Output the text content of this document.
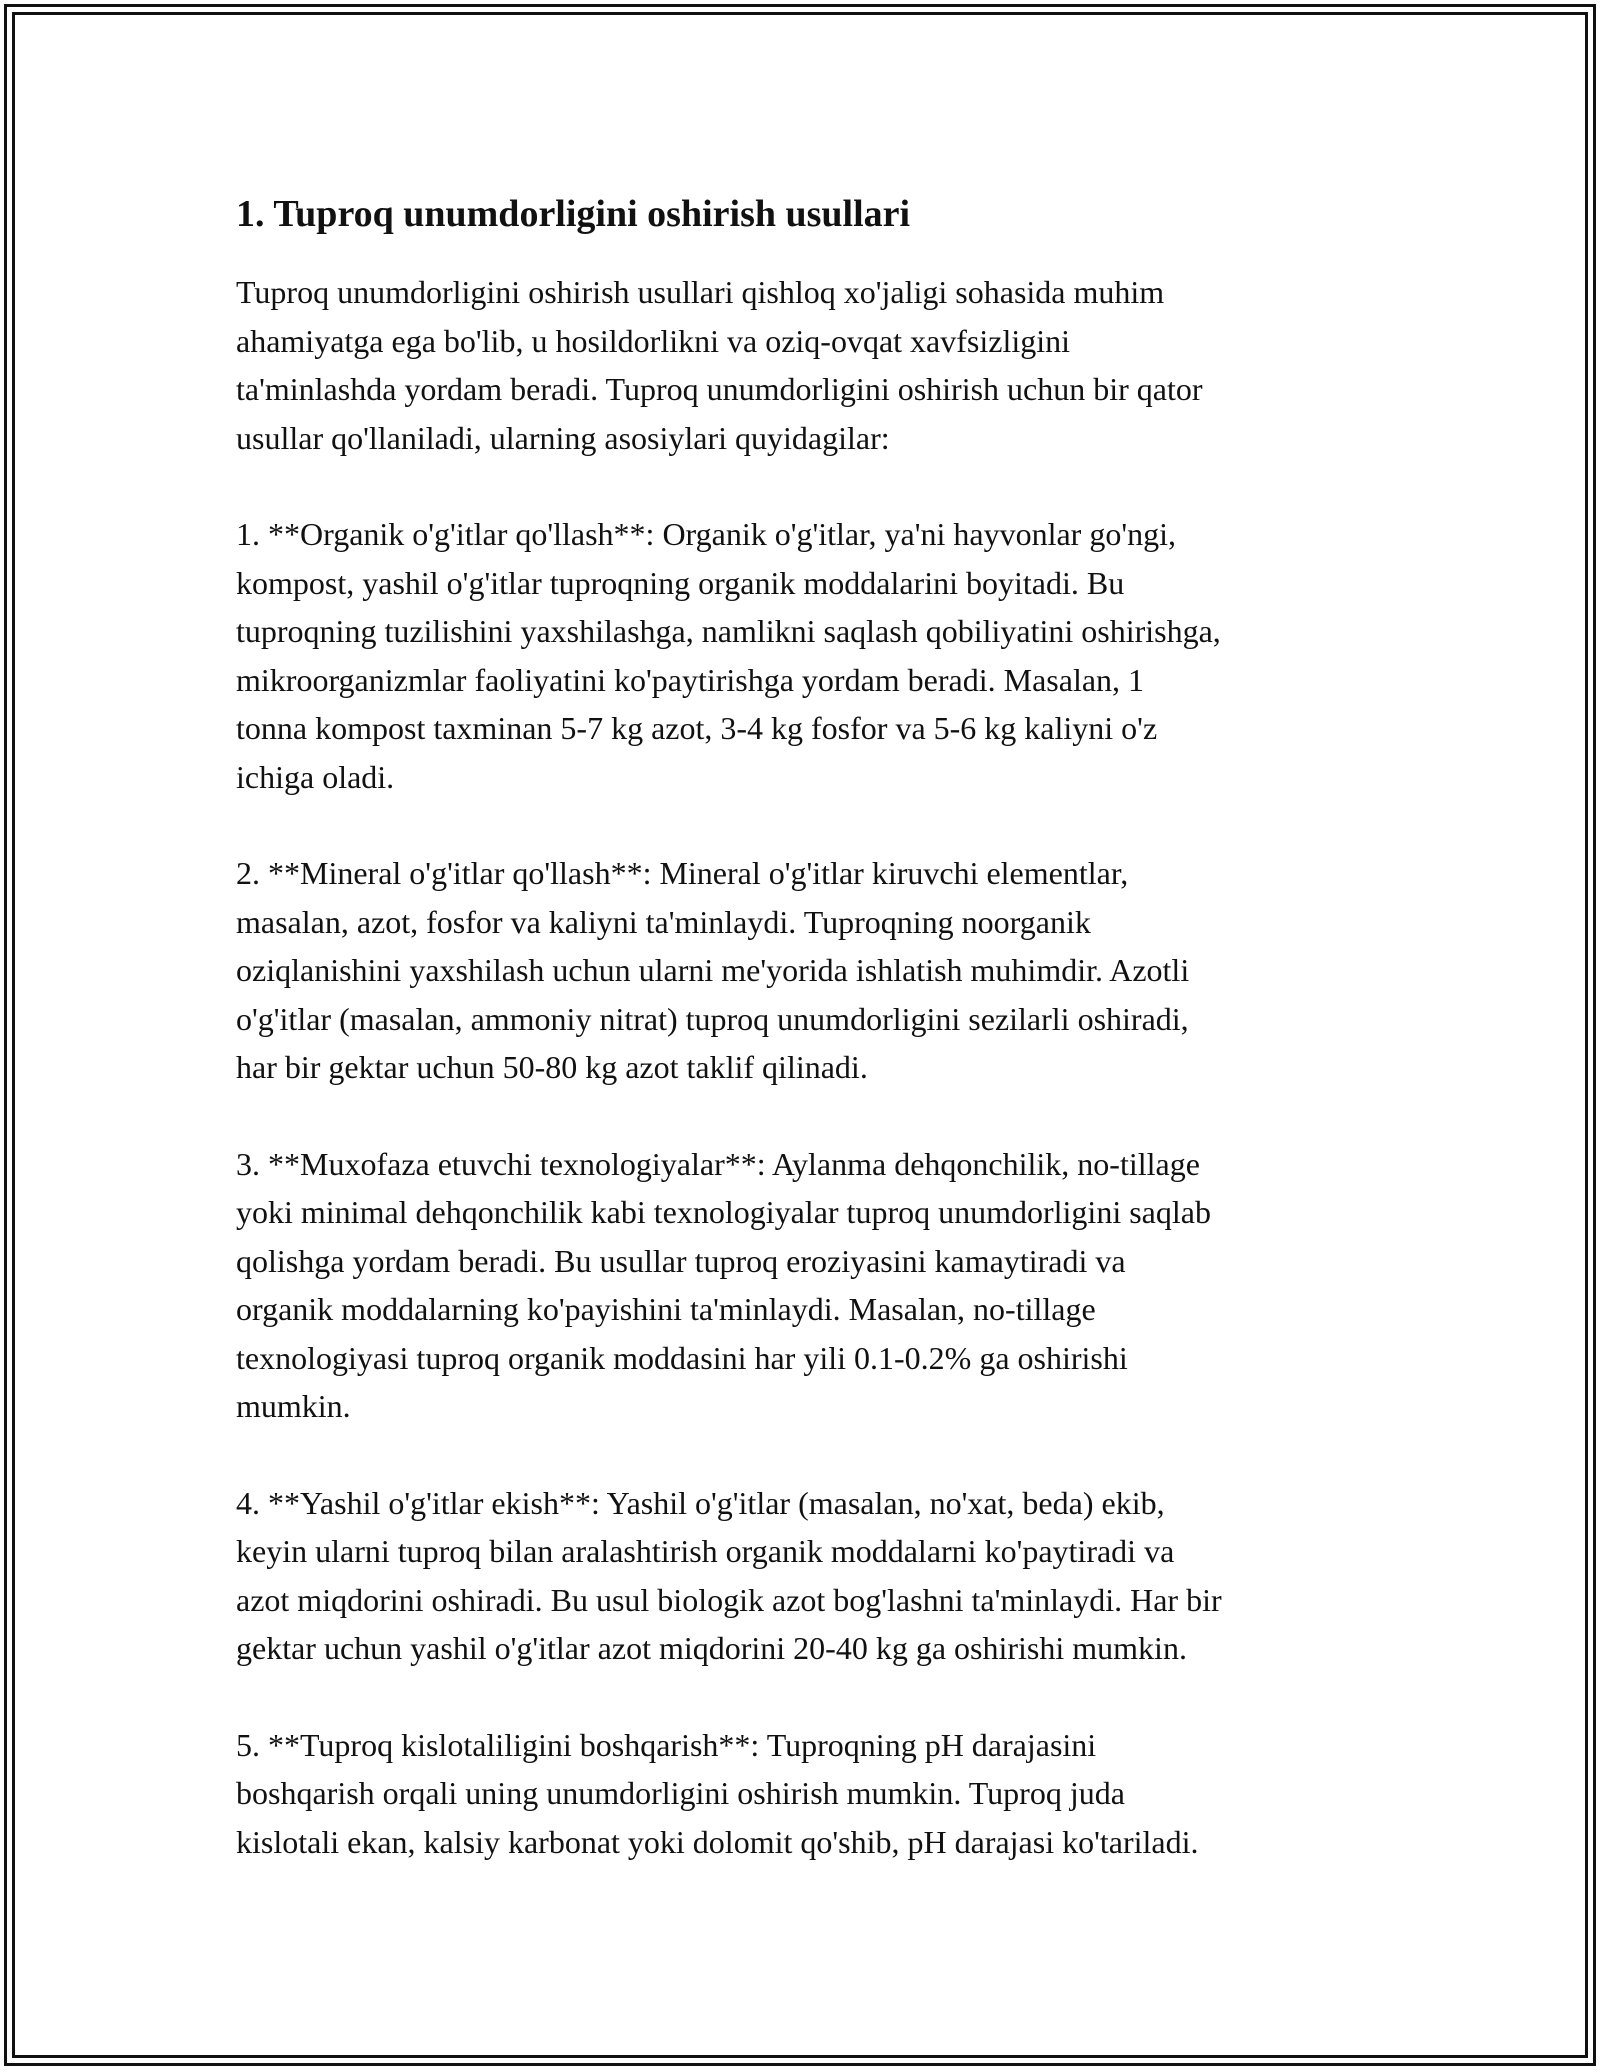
1. Tuproq unumdorligini oshirish usullari

Tuproq unumdorligini oshirish usullari qishloq xo'jaligi sohasida muhim
ahamiyatga ega bo'lib, u hosildorlikni va oziq-ovqat xavfsizligini
ta'minlashda yordam beradi. Tuproq unumdorligini oshirish uchun bir qator
usullar qo'llaniladi, ularning asosiylari quyidagilar:

1. **Organik o'g'itlar qo'llash**: Organik o'g'itlar, ya'ni hayvonlar go'ngi,
kompost, yashil o'g'itlar tuproqning organik moddalarini boyitadi. Bu
tuproqning tuzilishini yaxshilashga, namlikni saqlash qobiliyatini oshirishga,
mikroorganizmlar faoliyatini ko'paytirishga yordam beradi. Masalan, 1
tonna kompost taxminan 5-7 kg azot, 3-4 kg fosfor va 5-6 kg kaliyni o'z
ichiga oladi.

2. **Mineral o'g'itlar qo'llash**: Mineral o'g'itlar kiruvchi elementlar,
masalan, azot, fosfor va kaliyni ta'minlaydi. Tuproqning noorganik
oziqlanishini yaxshilash uchun ularni me'yorida ishlatish muhimdir. Azotli
o'g'itlar (masalan, ammoniy nitrat) tuproq unumdorligini sezilarli oshiradi,
har bir gektar uchun 50-80 kg azot taklif qilinadi.

3. **Muxofaza etuvchi texnologiyalar**: Aylanma dehqonchilik, no-tillage
yoki minimal dehqonchilik kabi texnologiyalar tuproq unumdorligini saqlab
qolishga yordam beradi. Bu usullar tuproq eroziyasini kamaytiradi va
organik moddalarning ko'payishini ta'minlaydi. Masalan, no-tillage
texnologiyasi tuproq organik moddasini har yili 0.1-0.2% ga oshirishi
mumkin.

4. **Yashil o'g'itlar ekish**: Yashil o'g'itlar (masalan, no'xat, beda) ekib,
keyin ularni tuproq bilan aralashtirish organik moddalarni ko'paytiradi va
azot miqdorini oshiradi. Bu usul biologik azot bog'lashni ta'minlaydi. Har bir
gektar uchun yashil o'g'itlar azot miqdorini 20-40 kg ga oshirishi mumkin.

5. **Tuproq kislotaliligini boshqarish**: Tuproqning pH darajasini
boshqarish orqali uning unumdorligini oshirish mumkin. Tuproq juda
kislotali ekan, kalsiy karbonat yoki dolomit qo'shib, pH darajasi ko'tariladi.
